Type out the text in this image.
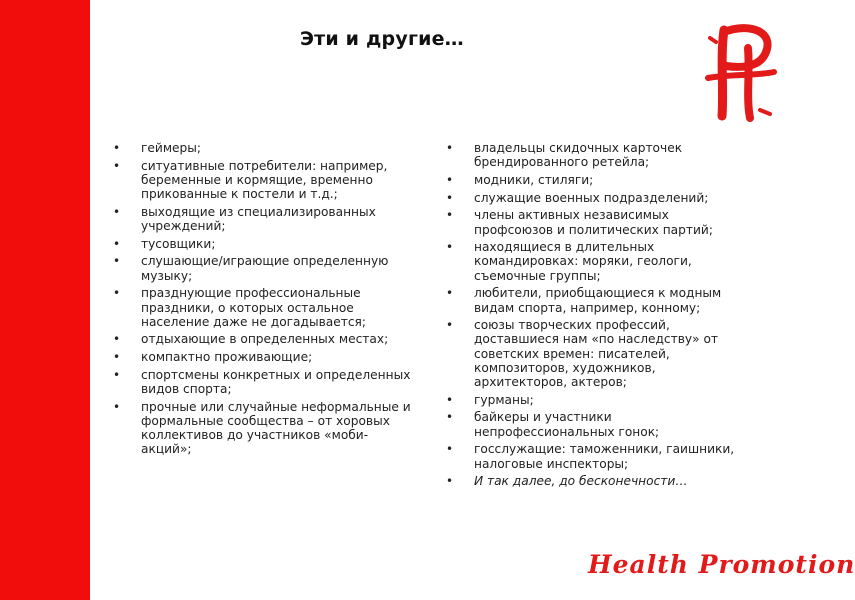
Эти и другие…
•	геймеры;
•	ситуативные потребители: например, беременные и кормящие, временно прикованные к постели и т.д.;
•	выходящие из специализированных учреждений;
•	тусовщики;
•	слушающие/играющие определенную музыку;
•	празднующие профессиональные праздники, о которых остальное население даже не догадывается;
•	отдыхающие в определенных местах;
•	компактно проживающие;
•	спортсмены конкретных и определенных видов спорта;
•	прочные или случайные неформальные и формальные сообщества – от хоровых коллективов до участников «моби-акций»;
•	владельцы скидочных карточек брендированного ретейла;
•	модники, стиляги;
•	служащие военных подразделений;
•	члены активных независимых профсоюзов и политических партий;
•	находящиеся в длительных командировках: моряки, геологи, съемочные группы;
•	любители, приобщающиеся к модным видам спорта, например, конному;
•	союзы творческих профессий, доставшиеся нам «по наследству» от советских времен: писателей, композиторов, художников, архитекторов, актеров;
•	гурманы;
•	байкеры и участники непрофессиональных гонок;
•	госслужащие: таможенники, гаишники, налоговые инспекторы;
•	И так далее, до бесконечности…
Health Promotion
